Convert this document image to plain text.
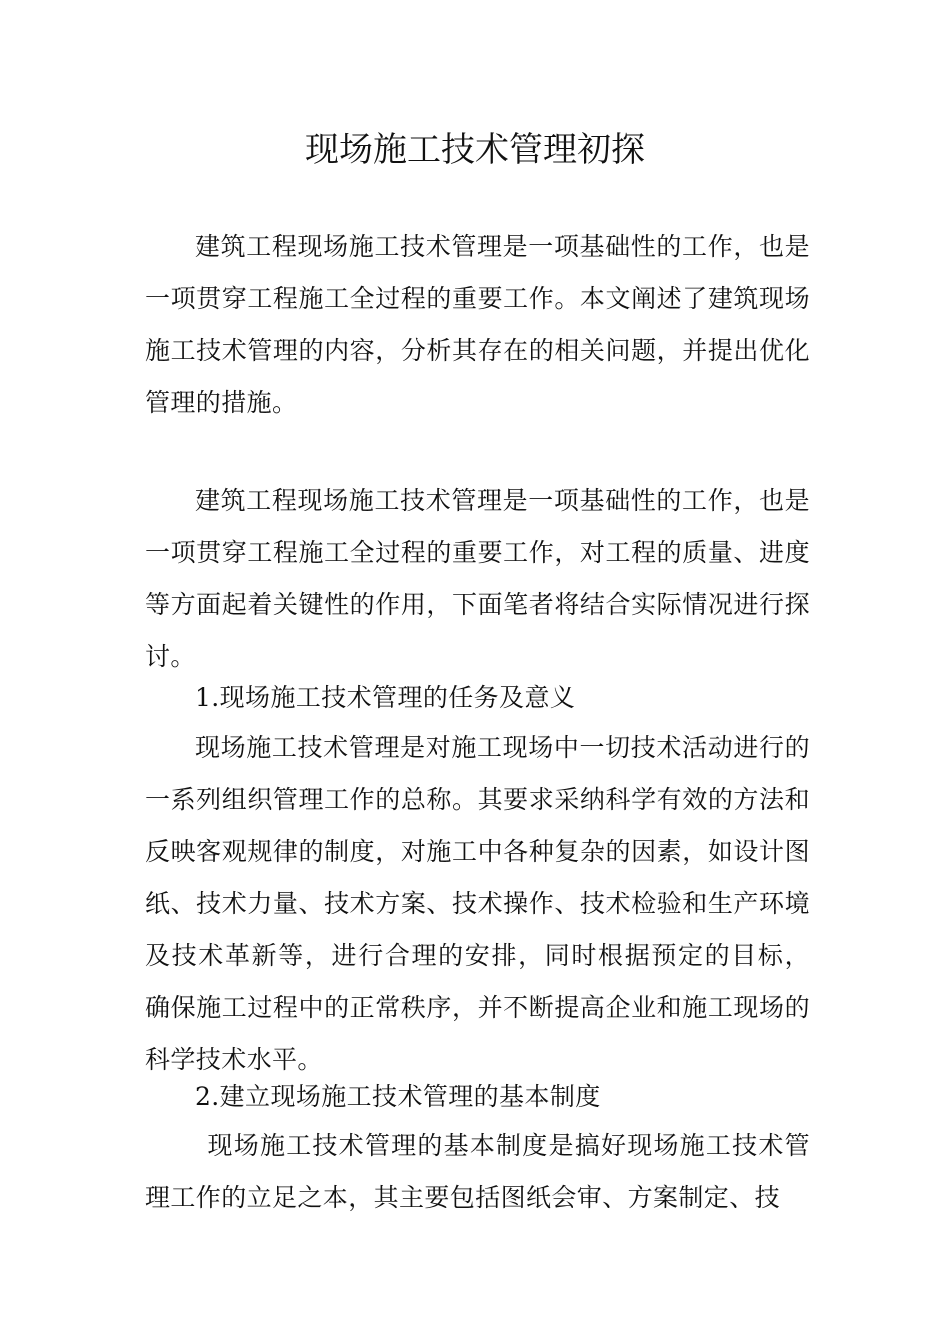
现场施工技术管理初探

建筑工程现场施工技术管理是一项基础性的工作，也是一项贯穿工程施工全过程的重要工作。本文阐述了建筑现场施工技术管理的内容，分析其存在的相关问题，并提出优化管理的措施。

建筑工程现场施工技术管理是一项基础性的工作，也是一项贯穿工程施工全过程的重要工作，对工程的质量、进度等方面起着关键性的作用，下面笔者将结合实际情况进行探讨。

1.现场施工技术管理的任务及意义

现场施工技术管理是对施工现场中一切技术活动进行的一系列组织管理工作的总称。其要求采纳科学有效的方法和反映客观规律的制度，对施工中各种复杂的因素，如设计图纸、技术力量、技术方案、技术操作、技术检验和生产环境及技术革新等，进行合理的安排，同时根据预定的目标， 确保施工过程中的正常秩序，并不断提高企业和施工现场的科学技术水平。

2.建立现场施工技术管理的基本制度

现场施工技术管理的基本制度是搞好现场施工技术管理工作的立足之本，其主要包括图纸会审、方案制定、技
